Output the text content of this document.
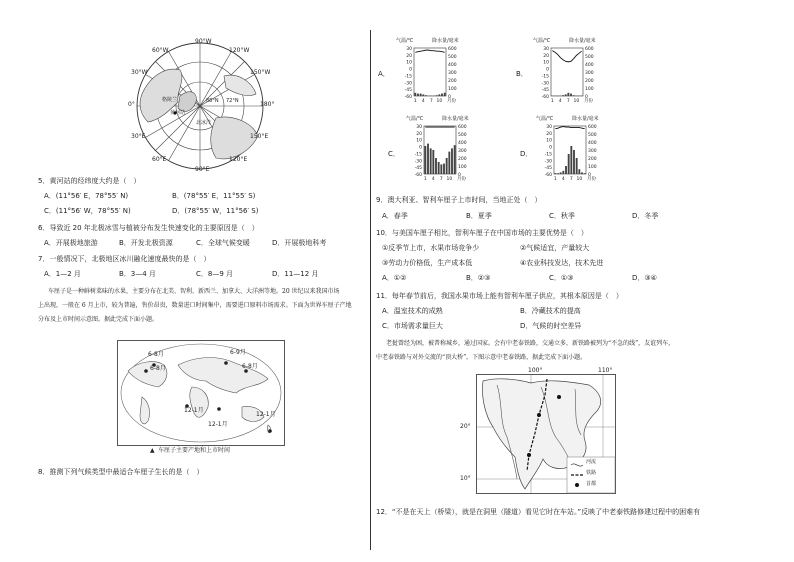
60°W
90°W
120°W
30°W	150°W
0°	180°
30°E	150°E
60°E
90°E
120°E
88°N 72°N
格陵兰
北冰洋
黄河站
5．黄河站的经纬度大约是（　）
A．(11°56′ E，78°55′ N)	B．(78°55′ E，11°55′ S)
C．(11°56′ W，78°55′ N)	D．(78°55′ W，11°56′ S)
6．导致近 20 年北极冰雪与植被分布发生快速变化的主要原因是（　）
A．开展极地旅游	B．开发北极资源	C．全球气候变暖	D．开展极地科考
7．一般情况下，北极地区冰川融化速度最快的是（　）
A．1—2 月	B．3—4 月	C．8—9 月	D．11—12 月
车厘子是一种鲜树菜味的水果，主要分布在北美、智利、新西兰、加拿大、大洋洲等地。20 世纪以来我国市场
上出现，一般在 6 月上市，较为普遍，售价昂贵，数量进口时间集中，需要进口原料市场需求。下面为世界车厘子产地
分布及上市时间示意图。据此完成下面小题。
6-8月	6-9月
6-8月	6-8月
12-1月
12-1月
12-1月
▲ 车厘子主要产地和上市时间
8．推测下列气候类型中最适合车厘子生长的是（　）
气温/℃	降水量/毫米
30
20
10
0
-15
-30
-45
-60
600
500
400
300
200
100
0
1 4 7 10 月份
A．
气温/℃	降水量/毫米
30
20
10
0
-15
-30
-45
-60
600
500
400
300
200
100
0
1 4 7 10 月份
B．
气温/℃	降水量/毫米
30
20
10
0
-15
-30
-45
-60
600
500
400
300
200
100
0
1 4 7 10 月份
C．
气温/℃	降水量/毫米
30
20
10
0
-15
-30
-45
-60
600
500
400
300
200
100
0
1 4 7 10 月份
D．
9．澳大利亚、智利车厘子上市时间，当地正处（　）
A．春季	B．夏季	C．秋季	D．冬季
10．与美国车厘子相比，智利车厘子在中国市场的主要优势是（　）
①反季节上市，水果市场竞争少	②气候适宜，产量较大
③劳动力价格低，生产成本低	④农业科技发达，技术先进
A．①②	B．②③	C．①③	D．③④
11．每年春节前后，我国水果市场上能有智利车厘子供应，其根本原因是（　）
A．温室技术的成熟	B．冷藏技术的提高
C．市场需求量巨大	D．气候的时空差异
老挝曾经为困，被普称城乡，通过国家。会有中老泰铁路，交通立多，新铁路被列为“不急的线”，友谊列车，
中老泰铁路与对外交流的“顶大桥”。下图示意中老泰铁路，据此完成下面小题。
河流
铁路
首都
100°	110°
20°
10°
12．“不是在天上（桥梁），就是在洞里（隧道）看见它时在车站。”反映了中老泰铁路修建过程中的困难有
